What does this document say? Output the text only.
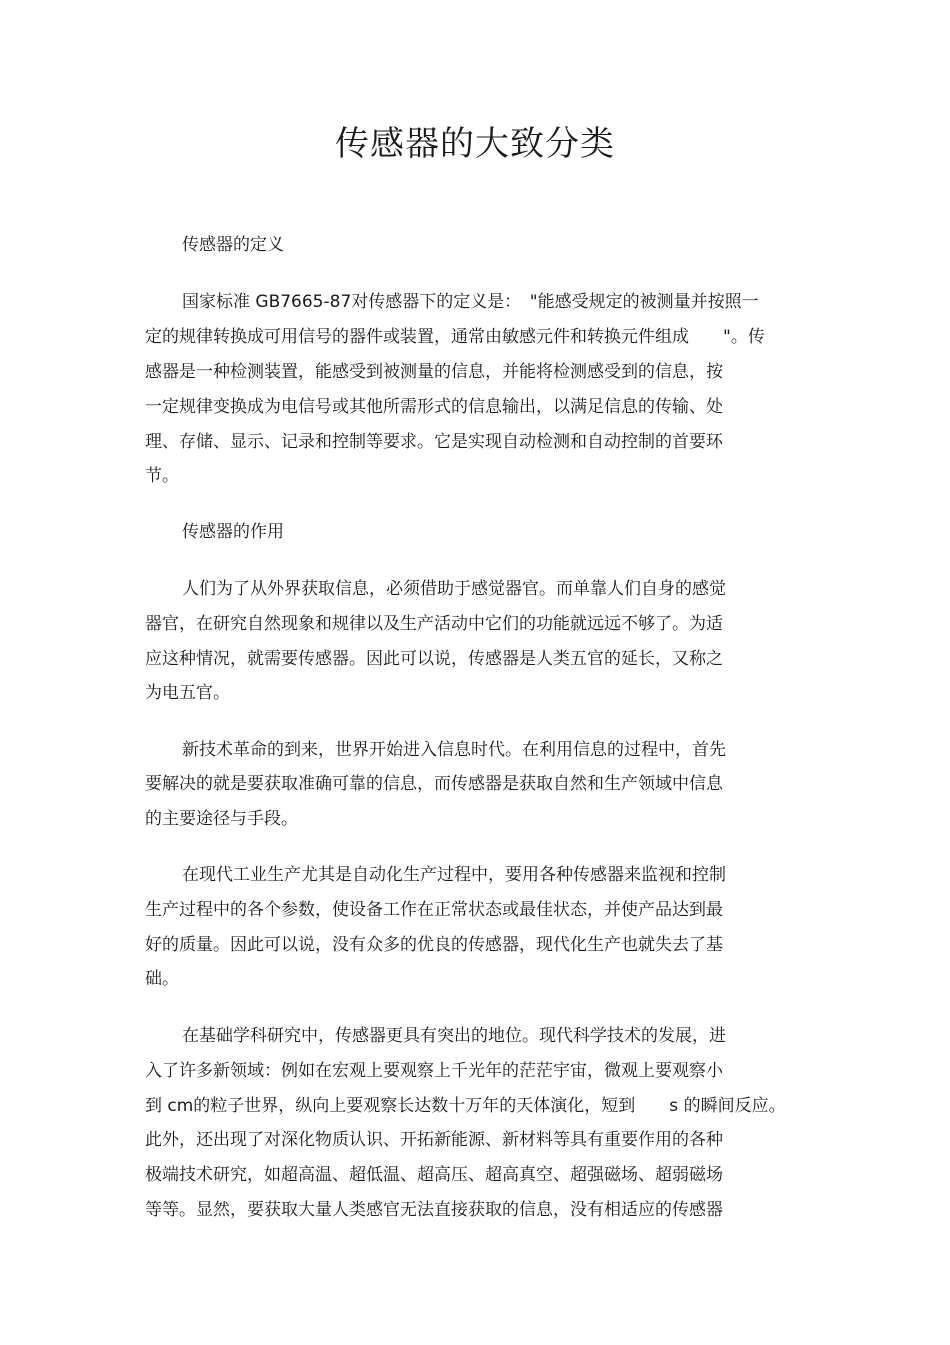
传感器的大致分类
传感器的定义
国家标准 GB7665-87对传感器下的定义是：　"能感受规定的被测量并按照一
定的规律转换成可用信号的器件或装置，通常由敏感元件和转换元件组成　　"。传
感器是一种检测装置，能感受到被测量的信息，并能将检测感受到的信息，按
一定规律变换成为电信号或其他所需形式的信息输出，以满足信息的传输、处
理、存储、显示、记录和控制等要求。它是实现自动检测和自动控制的首要环
节。
传感器的作用
人们为了从外界获取信息，必须借助于感觉器官。而单靠人们自身的感觉
器官，在研究自然现象和规律以及生产活动中它们的功能就远远不够了。为适
应这种情况，就需要传感器。因此可以说，传感器是人类五官的延长，又称之
为电五官。
新技术革命的到来，世界开始进入信息时代。在利用信息的过程中，首先
要解决的就是要获取准确可靠的信息，而传感器是获取自然和生产领域中信息
的主要途径与手段。
在现代工业生产尤其是自动化生产过程中，要用各种传感器来监视和控制
生产过程中的各个参数，使设备工作在正常状态或最佳状态，并使产品达到最
好的质量。因此可以说，没有众多的优良的传感器，现代化生产也就失去了基
础。
在基础学科研究中，传感器更具有突出的地位。现代科学技术的发展，进
入了许多新领域：例如在宏观上要观察上千光年的茫茫宇宙，微观上要观察小
到 cm的粒子世界，纵向上要观察长达数十万年的天体演化，短到　　s 的瞬间反应。
此外，还出现了对深化物质认识、开拓新能源、新材料等具有重要作用的各种
极端技术研究，如超高温、超低温、超高压、超高真空、超强磁场、超弱磁场
等等。显然，要获取大量人类感官无法直接获取的信息，没有相适应的传感器
